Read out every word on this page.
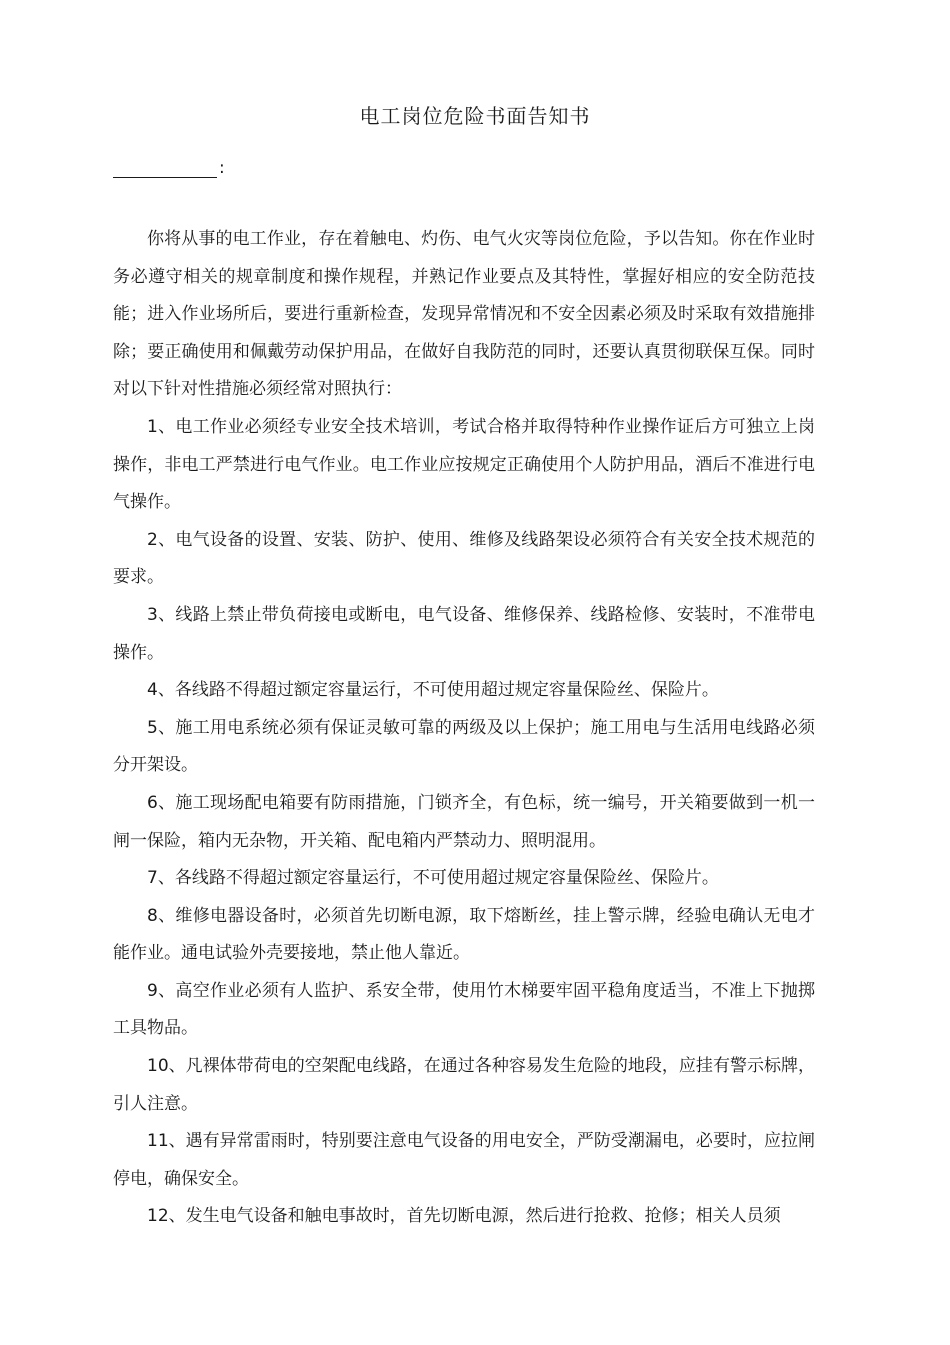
电工岗位危险书面告知书
:

你将从事的电工作业，存在着触电、灼伤、电气火灾等岗位危险，予以告知。你在作业时务必遵守相关的规章制度和操作规程，并熟记作业要点及其特性，掌握好相应的安全防范技能；进入作业场所后，要进行重新检查，发现异常情况和不安全因素必须及时采取有效措施排除；要正确使用和佩戴劳动保护用品，在做好自我防范的同时，还要认真贯彻联保互保。同时对以下针对性措施必须经常对照执行：

1、电工作业必须经专业安全技术培训，考试合格并取得特种作业操作证后方可独立上岗操作，非电工严禁进行电气作业。电工作业应按规定正确使用个人防护用品，酒后不准进行电气操作。

2、电气设备的设置、安装、防护、使用、维修及线路架设必须符合有关安全技术规范的要求。

3、线路上禁止带负荷接电或断电，电气设备、维修保养、线路检修、安装时，不准带电操作。

4、各线路不得超过额定容量运行，不可使用超过规定容量保险丝、保险片。

5、施工用电系统必须有保证灵敏可靠的两级及以上保护；施工用电与生活用电线路必须分开架设。

6、施工现场配电箱要有防雨措施，门锁齐全，有色标，统一编号，开关箱要做到一机一闸一保险，箱内无杂物，开关箱、配电箱内严禁动力、照明混用。

7、各线路不得超过额定容量运行，不可使用超过规定容量保险丝、保险片。

8、维修电器设备时，必须首先切断电源，取下熔断丝，挂上警示牌，经验电确认无电才能作业。通电试验外壳要接地，禁止他人靠近。

9、高空作业必须有人监护、系安全带，使用竹木梯要牢固平稳角度适当，不准上下抛掷工具物品。

10、凡裸体带荷电的空架配电线路，在通过各种容易发生危险的地段，应挂有警示标牌，引人注意。

11、遇有异常雷雨时，特别要注意电气设备的用电安全，严防受潮漏电，必要时，应拉闸停电，确保安全。

12、发生电气设备和触电事故时，首先切断电源，然后进行抢救、抢修；相关人员须
